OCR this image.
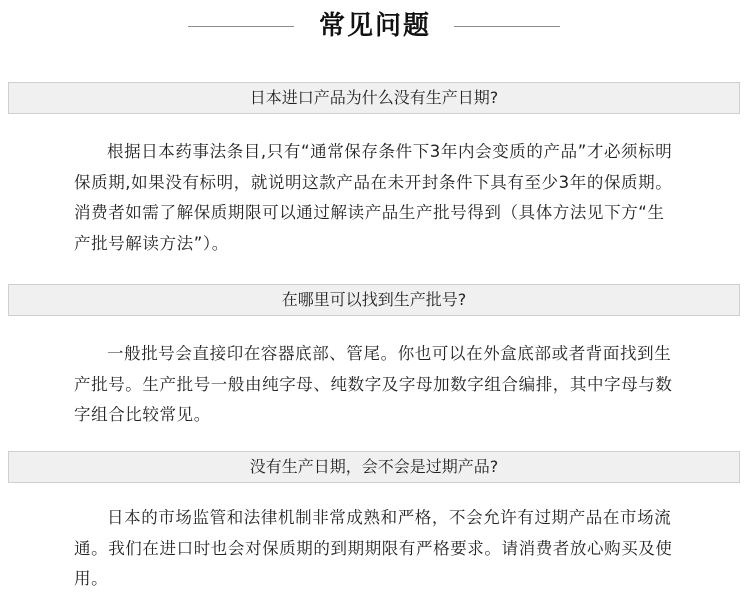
常见问题
日本进口产品为什么没有生产日期?

根据日本药事法条目,只有“通常保存条件下3年内会变质的产品”才必须标明保质期,如果没有标明，就说明这款产品在未开封条件下具有至少3年的保质期。消费者如需了解保质期限可以通过解读产品生产批号得到（具体方法见下方“生产批号解读方法”）。

在哪里可以找到生产批号?

一般批号会直接印在容器底部、管尾。你也可以在外盒底部或者背面找到生产批号。生产批号一般由纯字母、纯数字及字母加数字组合编排，其中字母与数字组合比较常见。

没有生产日期，会不会是过期产品?

日本的市场监管和法律机制非常成熟和严格，不会允许有过期产品在市场流通。我们在进口时也会对保质期的到期期限有严格要求。请消费者放心购买及使用。
